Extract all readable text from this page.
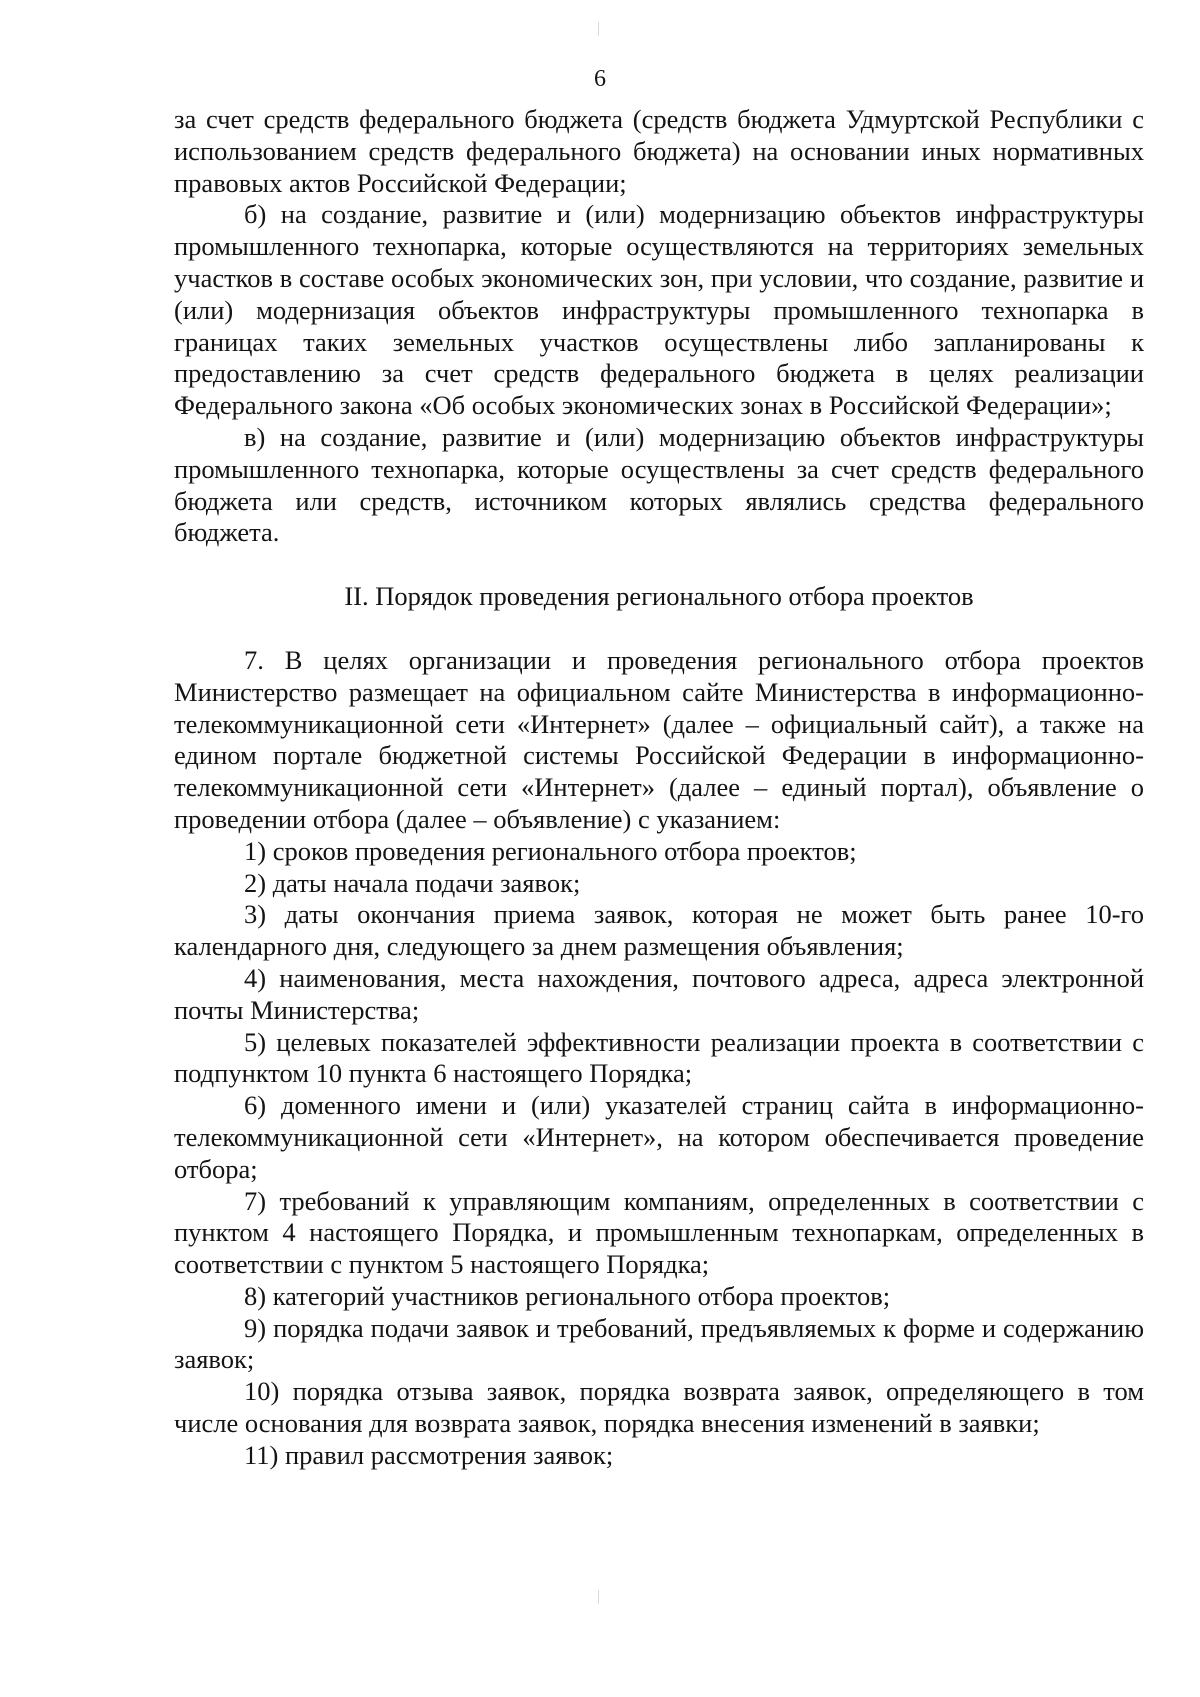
6

за счет средств федерального бюджета (средств бюджета Удмуртской Республики с использованием средств федерального бюджета) на основании иных нормативных правовых актов Российской Федерации;

б) на создание, развитие и (или) модернизацию объектов инфраструктуры промышленного технопарка, которые осуществляются на территориях земельных участков в составе особых экономических зон, при условии, что создание, развитие и (или) модернизация объектов инфраструктуры промышленного технопарка в границах таких земельных участков осуществлены либо запланированы к предоставлению за счет средств федерального бюджета в целях реализации Федерального закона «Об особых экономических зонах в Российской Федерации»;

в) на создание, развитие и (или) модернизацию объектов инфраструктуры промышленного технопарка, которые осуществлены за счет средств федерального бюджета или средств, источником которых являлись средства федерального бюджета.

II. Порядок проведения регионального отбора проектов

7. В целях организации и проведения регионального отбора проектов Министерство размещает на официальном сайте Министерства в информационно-телекоммуникационной сети «Интернет» (далее – официальный сайт), а также на едином портале бюджетной системы Российской Федерации в информационно-телекоммуникационной сети «Интернет» (далее – единый портал), объявление о проведении отбора (далее – объявление) с указанием:

1) сроков проведения регионального отбора проектов;

2) даты начала подачи заявок;

3) даты окончания приема заявок, которая не может быть ранее 10-го календарного дня, следующего за днем размещения объявления;

4) наименования, места нахождения, почтового адреса, адреса электронной почты Министерства;

5) целевых показателей эффективности реализации проекта в соответствии с подпунктом 10 пункта 6 настоящего Порядка;

6) доменного имени и (или) указателей страниц сайта в информационно-телекоммуникационной сети «Интернет», на котором обеспечивается проведение отбора;

7) требований к управляющим компаниям, определенных в соответствии с пунктом 4 настоящего Порядка, и промышленным технопаркам, определенных в соответствии с пунктом 5 настоящего Порядка;

8) категорий участников регионального отбора проектов;

9) порядка подачи заявок и требований, предъявляемых к форме и содержанию заявок;

10) порядка отзыва заявок, порядка возврата заявок, определяющего в том числе основания для возврата заявок, порядка внесения изменений в заявки;

11) правил рассмотрения заявок;
